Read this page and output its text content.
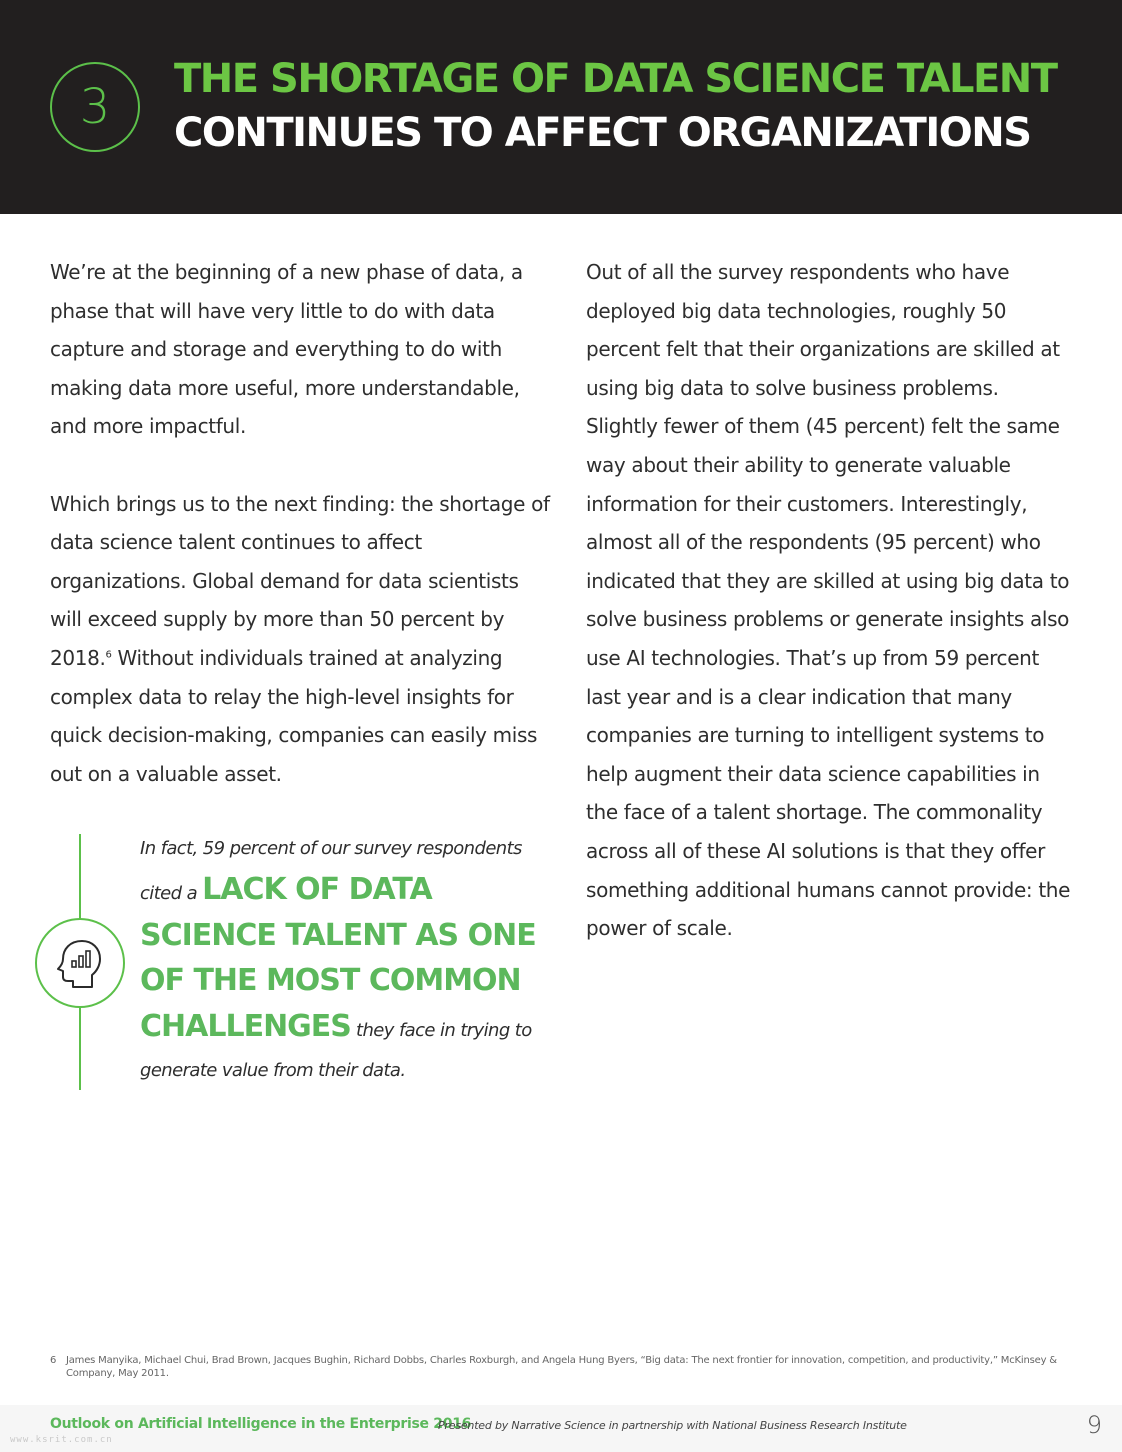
3	THE SHORTAGE OF DATA SCIENCE TALENT
CONTINUES TO AFFECT ORGANIZATIONS

We’re at the beginning of a new phase of data, a phase that will have very little to do with data capture and storage and everything to do with making data more useful, more understandable, and more impactful.

Which brings us to the next finding: the shortage of data science talent continues to affect organizations. Global demand for data scientists will exceed supply by more than 50 percent by 2018.$^6$ Without individuals trained at analyzing complex data to relay the high-level insights for quick decision-making, companies can easily miss out on a valuable asset.

In fact, 59 percent of our survey respondents
cited a LACK OF DATA
SCIENCE TALENT AS ONE
OF THE MOST COMMON
CHALLENGES they face in trying to
generate value from their data.

Out of all the survey respondents who have deployed big data technologies, roughly 50 percent felt that their organizations are skilled at using big data to solve business problems. Slightly fewer of them (45 percent) felt the same way about their ability to generate valuable information for their customers. Interestingly, almost all of the respondents (95 percent) who indicated that they are skilled at using big data to solve business problems or generate insights also use AI technologies. That’s up from 59 percent last year and is a clear indication that many companies are turning to intelligent systems to help augment their data science capabilities in the face of a talent shortage. The commonality across all of these AI solutions is that they offer something additional humans cannot provide: the power of scale.

6 James Manyika, Michael Chui, Brad Brown, Jacques Bughin, Richard Dobbs, Charles Roxburgh, and Angela Hung Byers, “Big data: The next frontier for innovation, competition, and productivity,” McKinsey & Company, May 2011.
Outlook on Artificial Intelligence in the Enterprise 2016
Presented by Narrative Science in partnership with National Business Research Institute	9
www.ksrit.com.cn
